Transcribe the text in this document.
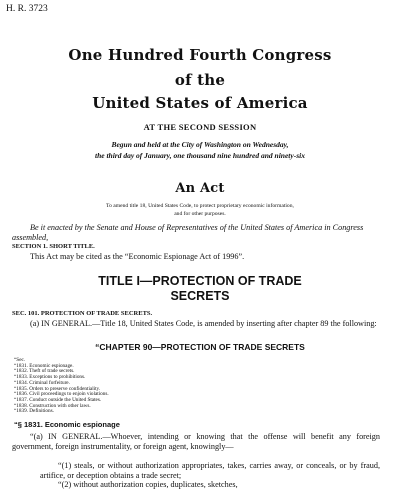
H. R. 3723
One Hundred Fourth Congress
of the
United States of America
AT THE SECOND SESSION
Begun and held at the City of Washington on Wednesday,
the third day of January, one thousand nine hundred and ninety-six
An Act
To amend title 18, United States Code, to protect proprietary economic information,
and for other purposes.
Be it enacted by the Senate and House of Representatives of the United States of America in Congress assembled,
SECTION 1. SHORT TITLE.
This Act may be cited as the “Economic Espionage Act of 1996”.
TITLE I—PROTECTION OF TRADE
SECRETS
SEC. 101. PROTECTION OF TRADE SECRETS.
(a) IN GENERAL.—Title 18, United States Code, is amended by inserting after chapter 89 the following:
“CHAPTER 90—PROTECTION OF TRADE SECRETS
“Sec.
“1831. Economic espionage.
“1832. Theft of trade secrets.
“1833. Exceptions to prohibitions.
“1834. Criminal forfeiture.
“1835. Orders to preserve confidentiality.
“1836. Civil proceedings to enjoin violations.
“1837. Conduct outside the United States.
“1838. Construction with other laws.
“1839. Definitions.
“§ 1831. Economic espionage
“(a) IN GENERAL.—Whoever, intending or knowing that the offense will benefit any foreign government, foreign instrumentality, or foreign agent, knowingly—
“(1) steals, or without authorization appropriates, takes, carries away, or conceals, or by fraud, artifice, or deception obtains a trade secret;
“(2) without authorization copies, duplicates, sketches,
